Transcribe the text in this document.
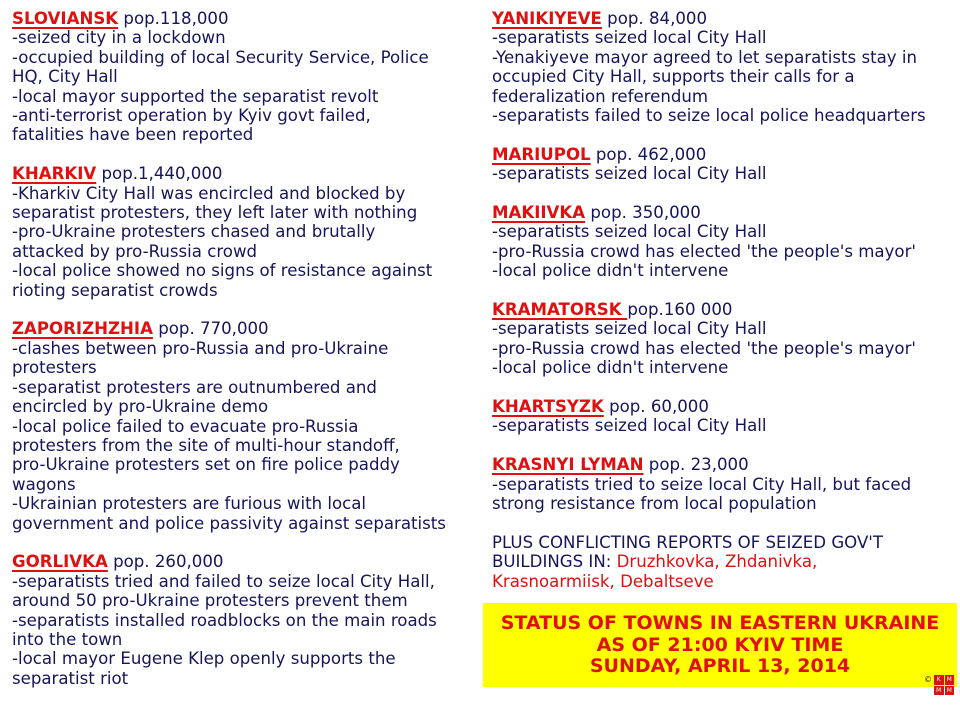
SLOVIANSK pop.118,000
-seized city in a lockdown
-occupied building of local Security Service, Police
HQ, City Hall
-local mayor supported the separatist revolt
-anti-terrorist operation by Kyiv govt failed,
fatalities have been reported
KHARKIV pop.1,440,000
-Kharkiv City Hall was encircled and blocked by
separatist protesters, they left later with nothing
-pro-Ukraine protesters chased and brutally
attacked by pro-Russia crowd
-local police showed no signs of resistance against
rioting separatist crowds
ZAPORIZHZHIA pop. 770,000
-clashes between pro-Russia and pro-Ukraine
protesters
-separatist protesters are outnumbered and
encircled by pro-Ukraine demo
-local police failed to evacuate pro-Russia
protesters from the site of multi-hour standoff,
pro-Ukraine protesters set on fire police paddy
wagons
-Ukrainian protesters are furious with local
government and police passivity against separatists
GORLIVKA pop. 260,000
-separatists tried and failed to seize local City Hall,
around 50 pro-Ukraine protesters prevent them
-separatists installed roadblocks on the main roads
into the town
-local mayor Eugene Klep openly supports the
separatist riot
YANIKIYEVE pop. 84,000
-separatists seized local City Hall
-Yenakiyeve mayor agreed to let separatists stay in
occupied City Hall, supports their calls for a
federalization referendum
-separatists failed to seize local police headquarters
MARIUPOL pop. 462,000
-separatists seized local City Hall
MAKIIVKA pop. 350,000
-separatists seized local City Hall
-pro-Russia crowd has elected 'the people's mayor'
-local police didn't intervene
KRAMATORSK pop.160 000
-separatists seized local City Hall
-pro-Russia crowd has elected 'the people's mayor'
-local police didn't intervene
KHARTSYZK pop. 60,000
-separatists seized local City Hall
KRASNYI LYMAN pop. 23,000
-separatists tried to seize local City Hall, but faced
strong resistance from local population
PLUS CONFLICTING REPORTS OF SEIZED GOV'T
BUILDINGS IN: Druzhkovka, Zhdanivka,
Krasnoarmiisk, Debaltseve
STATUS OF TOWNS IN EASTERN UKRAINE
AS OF 21:00 KYIV TIME
SUNDAY, APRIL 13, 2014
© K M
M M
